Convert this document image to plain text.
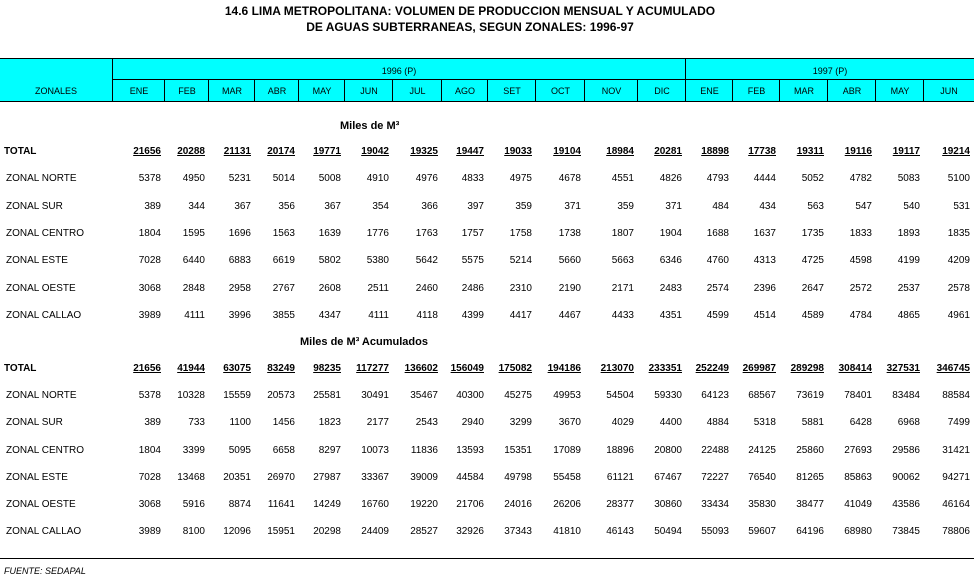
14.6 LIMA METROPOLITANA: VOLUMEN DE PRODUCCION MENSUAL Y ACUMULADO
DE AGUAS SUBTERRANEAS, SEGUN ZONALES: 1996-97
ZONALES
1996 (P)	1997 (P)
ENE	FEB	MAR	ABR	MAY	JUN	JUL	AGO	SET	OCT	NOV	DIC	ENE	FEB	MAR	ABR	MAY	JUN
Miles de M³
TOTAL	21656	20288	21131	20174	19771	19042	19325	19447	19033	19104	18984	20281	18898	17738	19311	19116	19117	19214
ZONAL NORTE	5378	4950	5231	5014	5008	4910	4976	4833	4975	4678	4551	4826	4793	4444	5052	4782	5083	5100
ZONAL SUR	389	344	367	356	367	354	366	397	359	371	359	371	484	434	563	547	540	531
ZONAL CENTRO	1804	1595	1696	1563	1639	1776	1763	1757	1758	1738	1807	1904	1688	1637	1735	1833	1893	1835
ZONAL ESTE	7028	6440	6883	6619	5802	5380	5642	5575	5214	5660	5663	6346	4760	4313	4725	4598	4199	4209
ZONAL OESTE	3068	2848	2958	2767	2608	2511	2460	2486	2310	2190	2171	2483	2574	2396	2647	2572	2537	2578
ZONAL CALLAO	3989	4111	3996	3855	4347	4111	4118	4399	4417	4467	4433	4351	4599	4514	4589	4784	4865	4961
Miles de M³ Acumulados
TOTAL	21656	41944	63075	83249	98235	117277	136602	156049	175082	194186	213070	233351	252249	269987	289298	308414	327531	346745
ZONAL NORTE	5378	10328	15559	20573	25581	30491	35467	40300	45275	49953	54504	59330	64123	68567	73619	78401	83484	88584
ZONAL SUR	389	733	1100	1456	1823	2177	2543	2940	3299	3670	4029	4400	4884	5318	5881	6428	6968	7499
ZONAL CENTRO	1804	3399	5095	6658	8297	10073	11836	13593	15351	17089	18896	20800	22488	24125	25860	27693	29586	31421
ZONAL ESTE	7028	13468	20351	26970	27987	33367	39009	44584	49798	55458	61121	67467	72227	76540	81265	85863	90062	94271
ZONAL OESTE	3068	5916	8874	11641	14249	16760	19220	21706	24016	26206	28377	30860	33434	35830	38477	41049	43586	46164
ZONAL CALLAO	3989	8100	12096	15951	20298	24409	28527	32926	37343	41810	46143	50494	55093	59607	64196	68980	73845	78806
FUENTE: SEDAPAL
